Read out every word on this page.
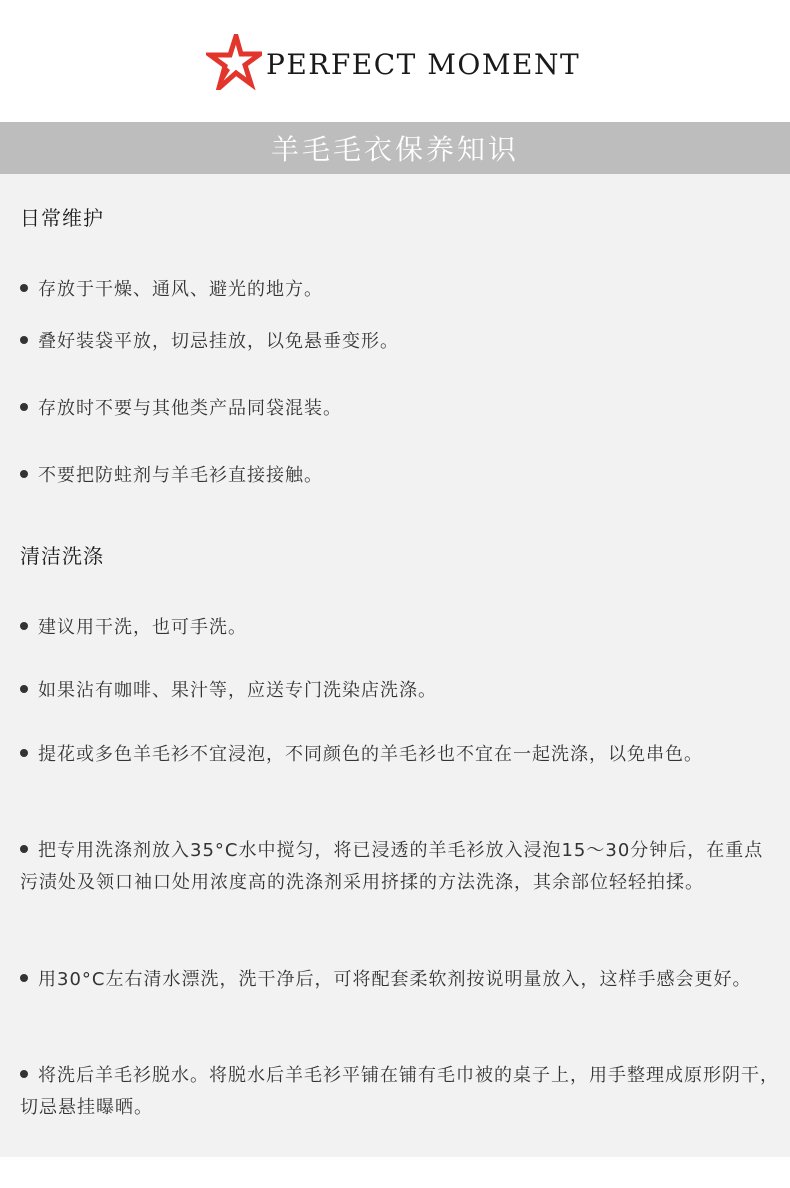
PERFECT MOMENT
羊毛毛衣保养知识
日常维护
存放于干燥、通风、避光的地方。
叠好装袋平放，切忌挂放，以免悬垂变形。
存放时不要与其他类产品同袋混装。
不要把防蛀剂与羊毛衫直接接触。
清洁洗涤
建议用干洗，也可手洗。
如果沾有咖啡、果汁等，应送专门洗染店洗涤。
提花或多色羊毛衫不宜浸泡，不同颜色的羊毛衫也不宜在一起洗涤，以免串色。
把专用洗涤剂放入35°C水中搅匀，将已浸透的羊毛衫放入浸泡15～30分钟后，在重点污渍处及领口袖口处用浓度高的洗涤剂采用挤揉的方法洗涤，其余部位轻轻拍揉。
用30°C左右清水漂洗，洗干净后，可将配套柔软剂按说明量放入，这样手感会更好。
将洗后羊毛衫脱水。将脱水后羊毛衫平铺在铺有毛巾被的桌子上，用手整理成原形阴干，切忌悬挂曝晒。
